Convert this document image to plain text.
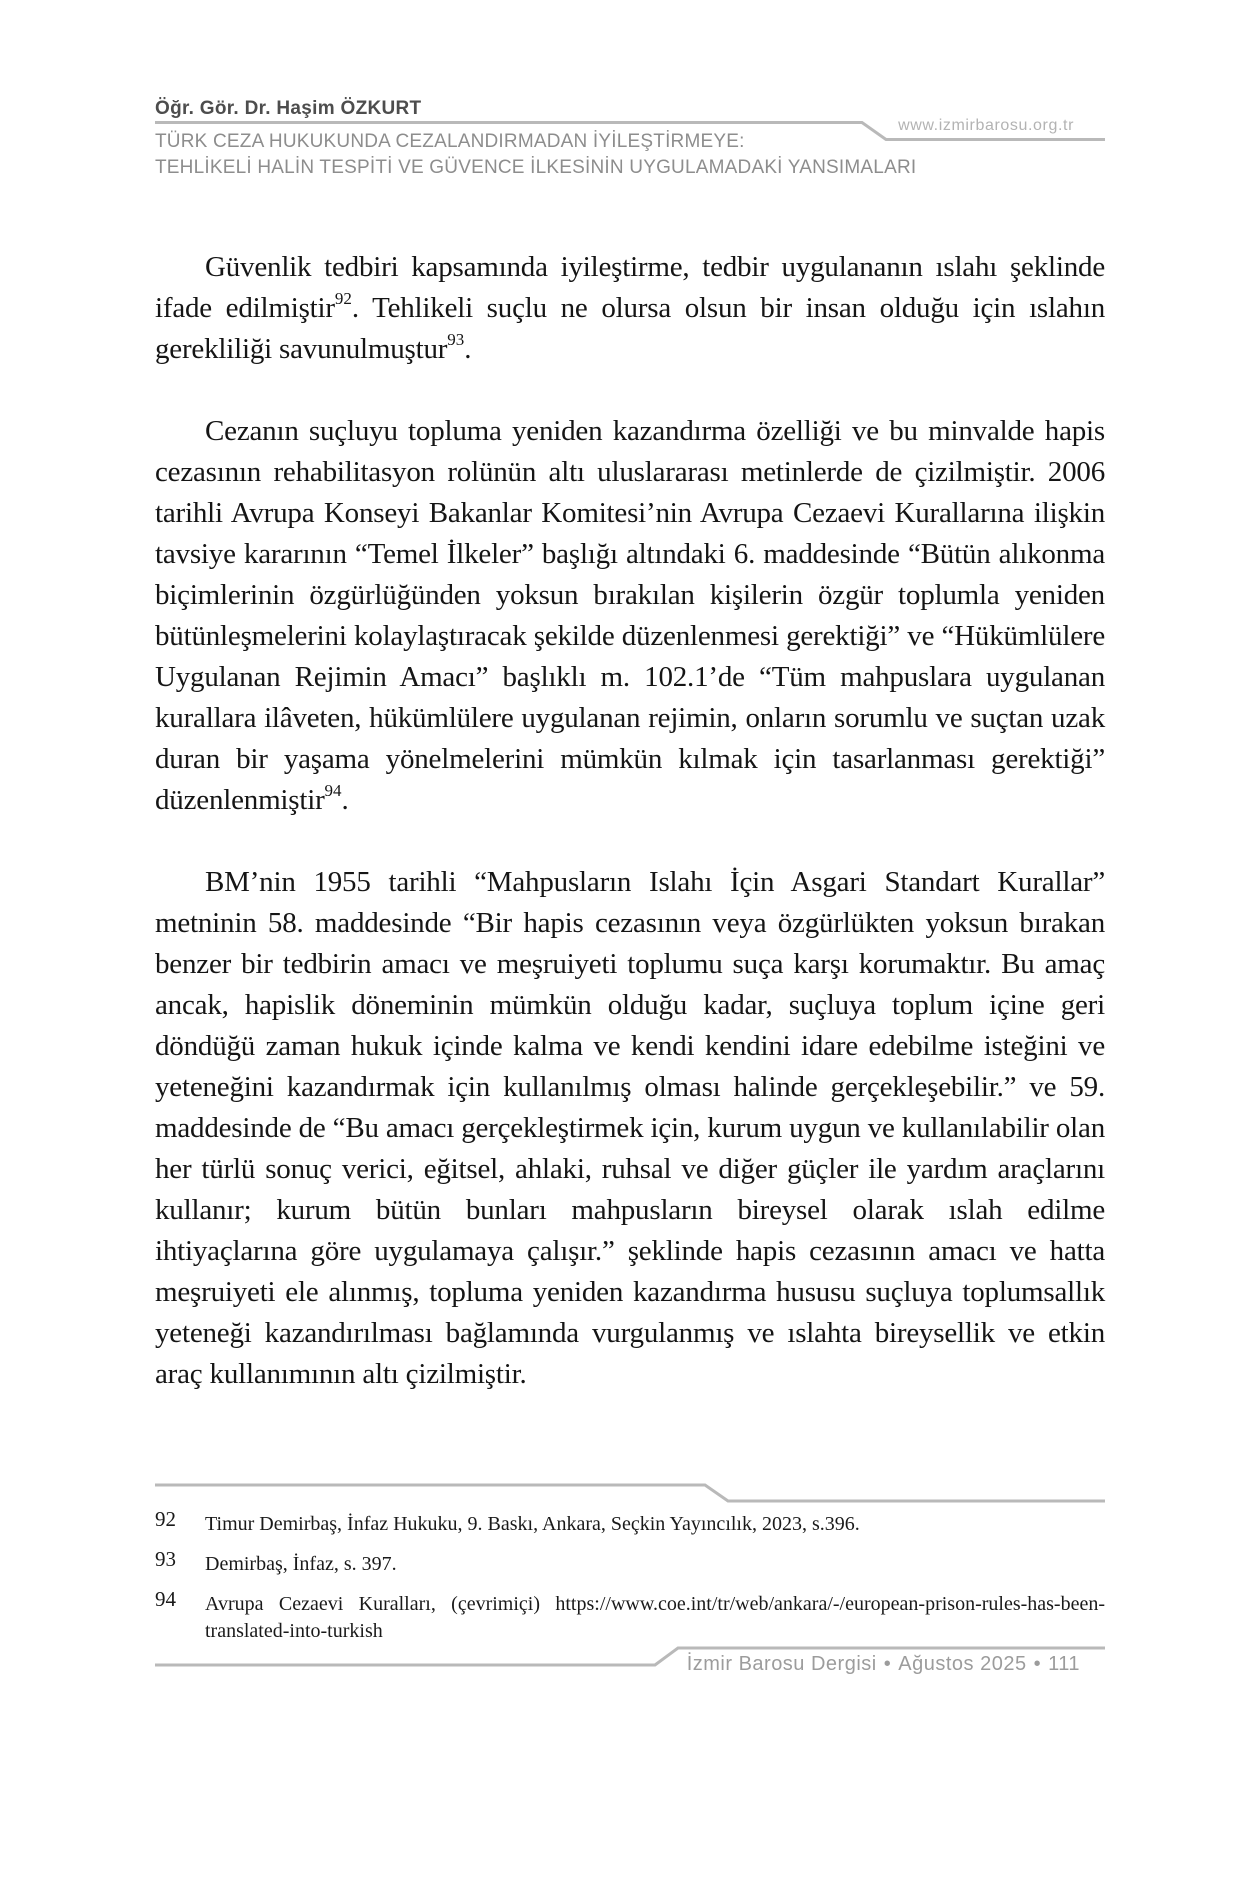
Öğr. Gör. Dr. Haşim ÖZKURT
www.izmirbarosu.org.tr
TÜRK CEZA HUKUKUNDA CEZALANDIRMADAN İYİLEŞTİRMEYE:
TEHLİKELİ HALİN TESPİTİ VE GÜVENCE İLKESİNİN UYGULAMADAKİ YANSIMALARI

Güvenlik tedbiri kapsamında iyileştirme, tedbir uygulananın ıslahı şeklinde ifade edilmiştir$^{92}$. Tehlikeli suçlu ne olursa olsun bir insan olduğu için ıslahın gerekliliği savunulmuştur$^{93}$.

Cezanın suçluyu topluma yeniden kazandırma özelliği ve bu minvalde hapis cezasının rehabilitasyon rolünün altı uluslararası metinlerde de çizilmiştir. 2006 tarihli Avrupa Konseyi Bakanlar Komitesi’nin Avrupa Cezaevi Kurallarına ilişkin tavsiye kararının “Temel İlkeler” başlığı altındaki 6. maddesinde “Bütün alıkonma biçimlerinin özgürlüğünden yoksun bırakılan kişilerin özgür toplumla yeniden bütünleşmelerini kolaylaştıracak şekilde düzenlenmesi gerektiği” ve “Hükümlülere Uygulanan Rejimin Amacı” başlıklı m. 102.1’de “Tüm mahpuslara uygulanan kurallara ilâveten, hükümlülere uygulanan rejimin, onların sorumlu ve suçtan uzak duran bir yaşama yönelmelerini mümkün kılmak için tasarlanması gerektiği” düzenlenmiştir$^{94}$.

BM’nin 1955 tarihli “Mahpusların Islahı İçin Asgari Standart Kurallar” metninin 58. maddesinde “Bir hapis cezasının veya özgürlükten yoksun bırakan benzer bir tedbirin amacı ve meşruiyeti toplumu suça karşı korumaktır. Bu amaç ancak, hapislik döneminin mümkün olduğu kadar, suçluya toplum içine geri döndüğü zaman hukuk içinde kalma ve kendi kendini idare edebilme isteğini ve yeteneğini kazandırmak için kullanılmış olması halinde gerçekleşebilir.” ve 59. maddesinde de “Bu amacı gerçekleştirmek için, kurum uygun ve kullanılabilir olan her türlü sonuç verici, eğitsel, ahlaki, ruhsal ve diğer güçler ile yardım araçlarını kullanır; kurum bütün bunları mahpusların bireysel olarak ıslah edilme ihtiyaçlarına göre uygulamaya çalışır.” şeklinde hapis cezasının amacı ve hatta meşruiyeti ele alınmış, topluma yeniden kazandırma hususu suçluya toplumsallık yeteneği kazandırılması bağlamında vurgulanmış ve ıslahta bireysellik ve etkin araç kullanımının altı çizilmiştir.

92 Timur Demirbaş, İnfaz Hukuku, 9. Baskı, Ankara, Seçkin Yayıncılık, 2023, s.396.
93 Demirbaş, İnfaz, s. 397.
94 Avrupa Cezaevi Kuralları, (çevrimiçi) https://www.coe.int/tr/web/ankara/-/european-prison-rules-has-been-translated-into-turkish
İzmir Barosu Dergisi • Ağustos 2025 • 111
